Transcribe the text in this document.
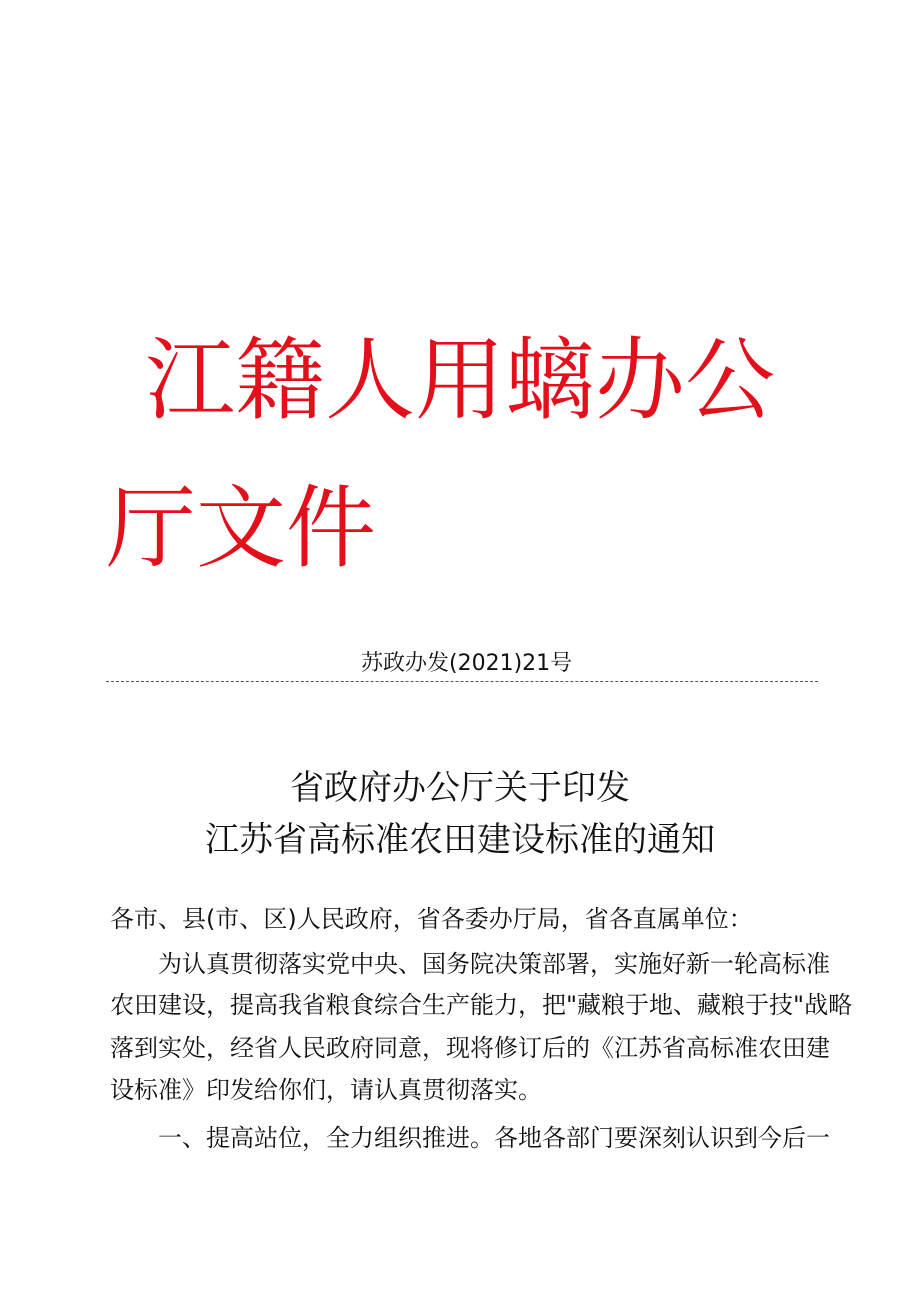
江籍人用螭办公
厅文件
苏政办发(2021)21号
省政府办公厅关于印发
江苏省高标准农田建设标准的通知
各市、县(市、区)人民政府，省各委办厅局，省各直属单位：
　　为认真贯彻落实党中央、国务院决策部署，实施好新一轮高标准
农田建设，提高我省粮食综合生产能力，把"藏粮于地、藏粮于技"战略
落到实处，经省人民政府同意，现将修订后的《江苏省高标准农田建
设标准》印发给你们，请认真贯彻落实。
　　一、提高站位，全力组织推进。各地各部门要深刻认识到今后一
